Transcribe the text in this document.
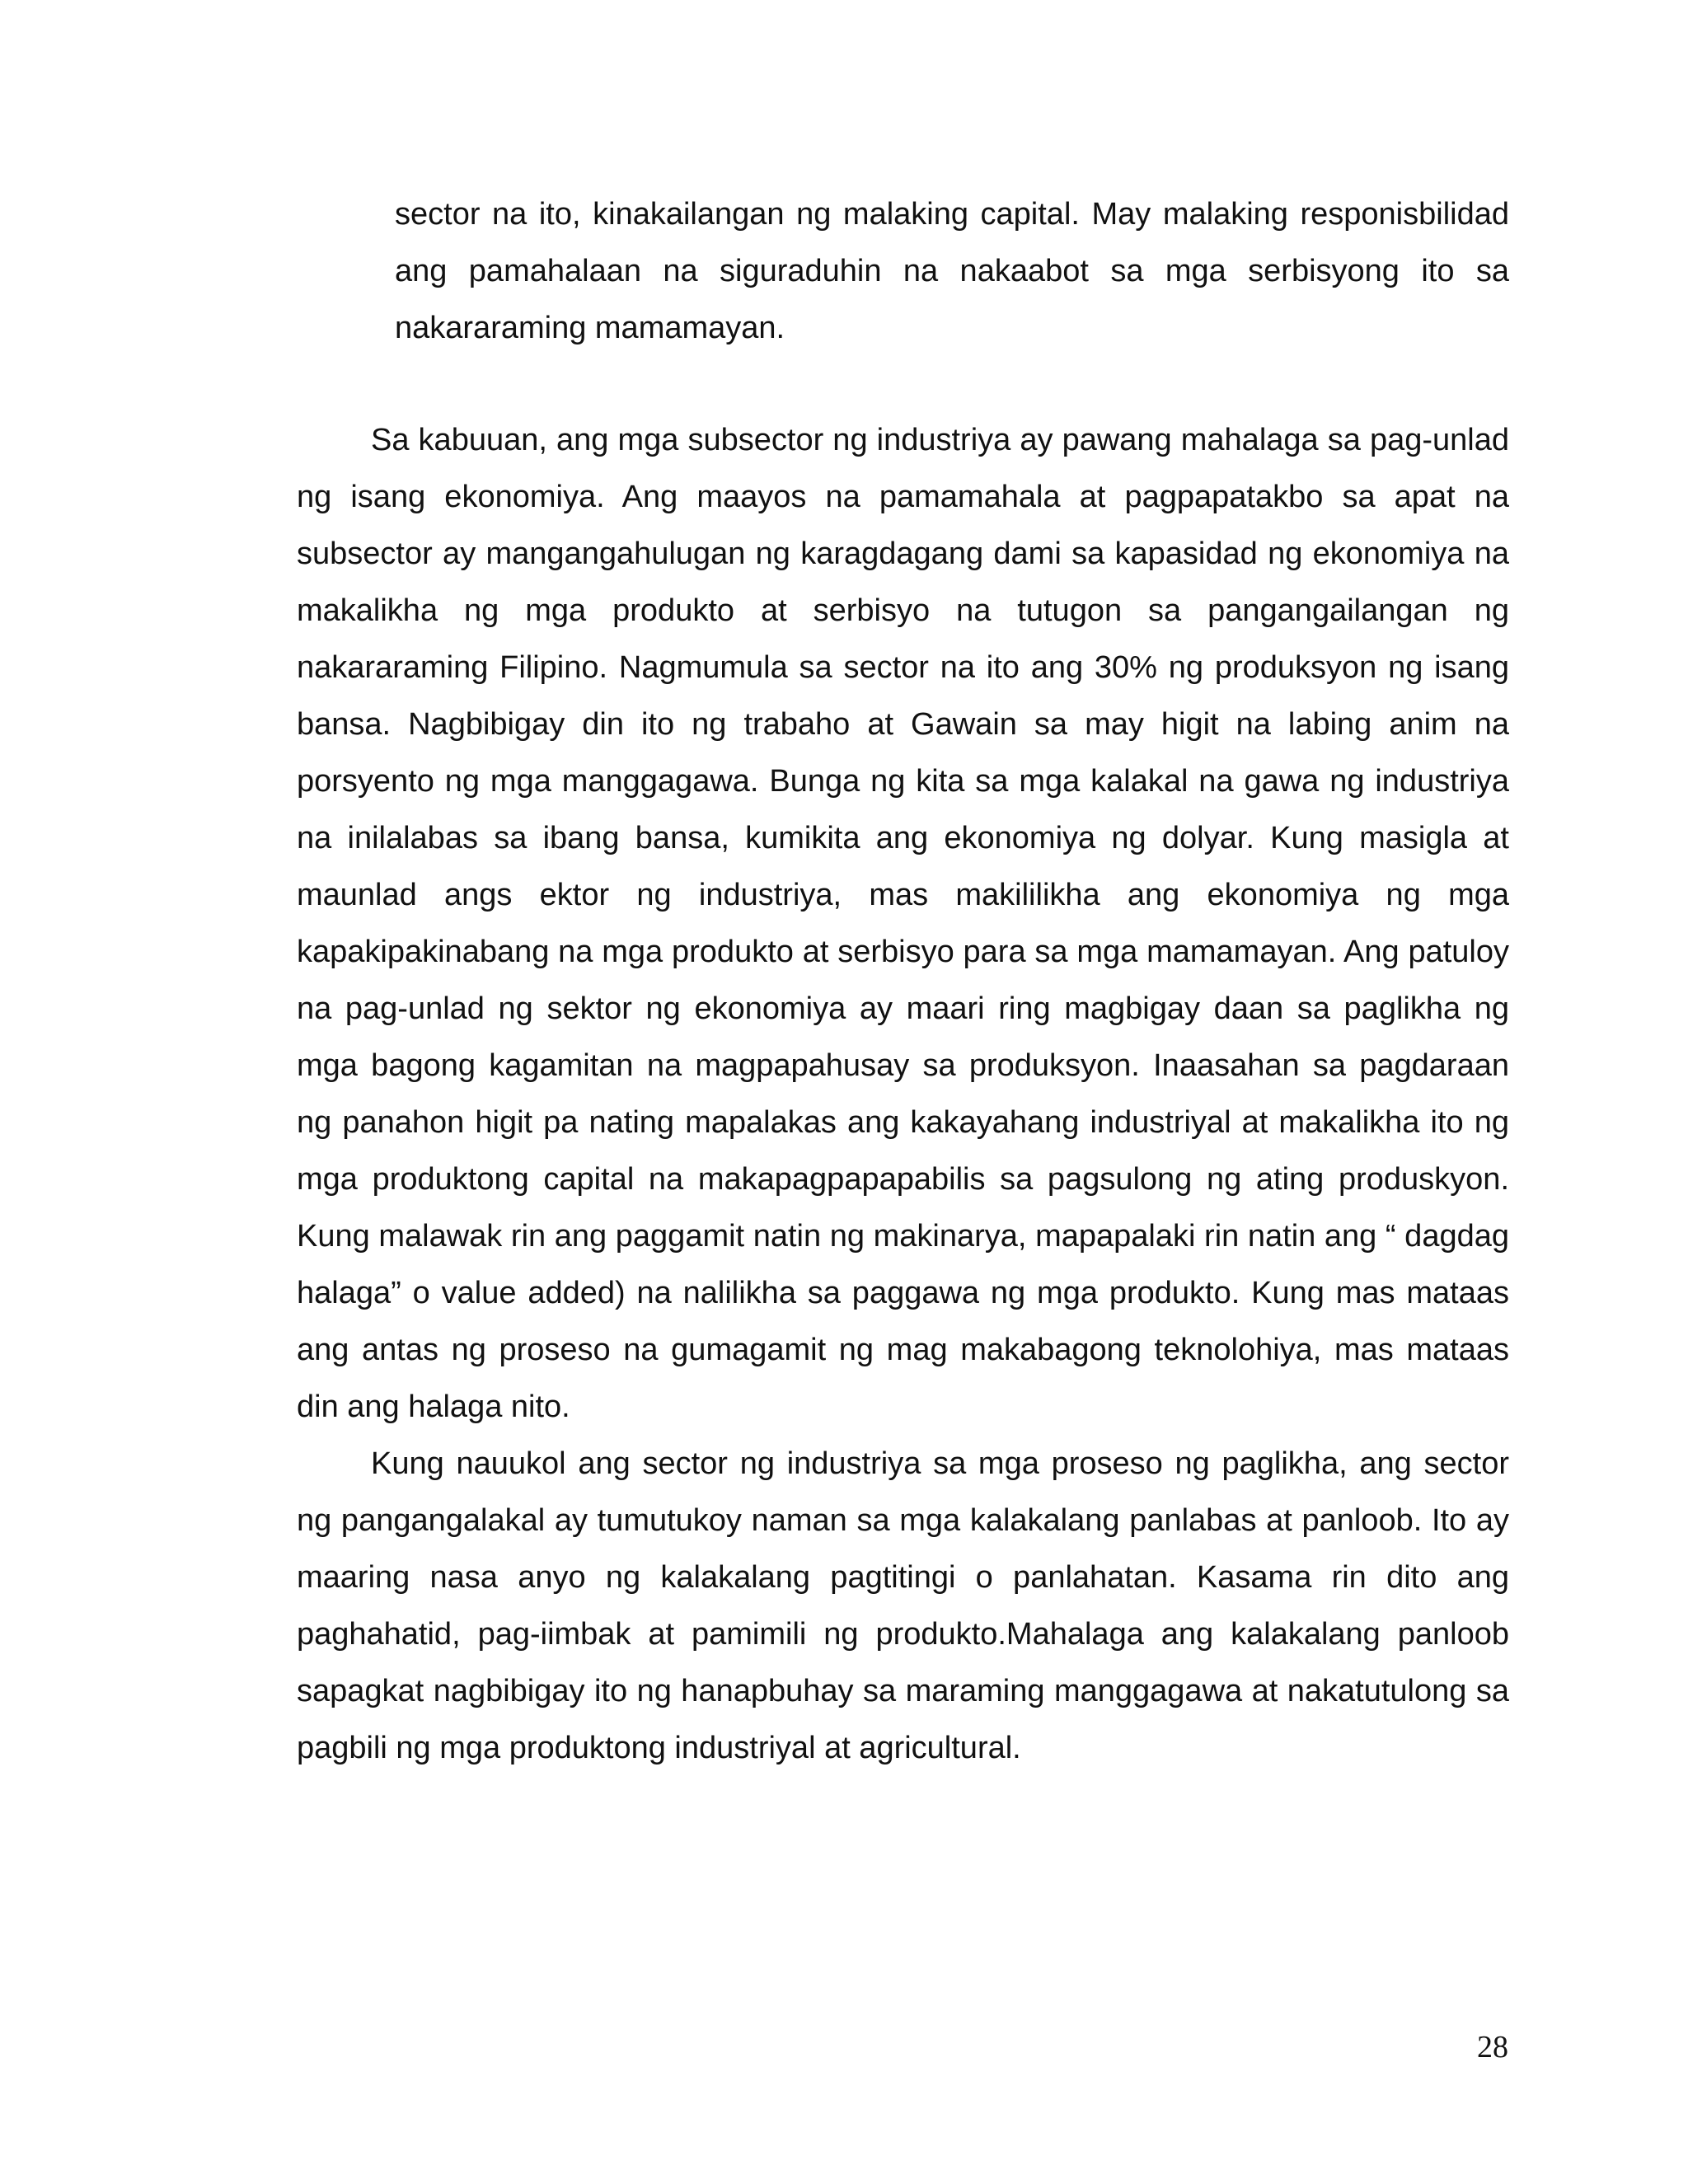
sector na ito, kinakailangan ng malaking capital. May malaking responisbilidad ang pamahalaan na siguraduhin na nakaabot sa mga serbisyong ito sa nakararaming mamamayan.

Sa kabuuan, ang mga subsector ng industriya ay pawang mahalaga sa pag-unlad ng isang ekonomiya. Ang maayos na pamamahala at pagpapatakbo sa apat na subsector ay mangangahulugan ng karagdagang dami sa kapasidad ng ekonomiya na makalikha ng mga produkto at serbisyo na tutugon sa pangangailangan ng nakararaming Filipino. Nagmumula sa sector na ito ang 30% ng produksyon ng isang bansa. Nagbibigay din ito ng trabaho at Gawain sa may higit na labing anim na porsyento ng mga manggagawa. Bunga ng kita sa mga kalakal na gawa ng industriya na inilalabas sa ibang bansa, kumikita ang ekonomiya ng dolyar. Kung masigla at maunlad angs ektor ng industriya, mas makililikha ang ekonomiya ng mga kapakipakinabang na mga produkto at serbisyo para sa mga mamamayan. Ang patuloy na pag-unlad ng sektor ng ekonomiya ay maari ring magbigay daan sa paglikha ng mga bagong kagamitan na magpapahusay sa produksyon. Inaasahan sa pagdaraan ng panahon higit pa nating mapalakas ang kakayahang industriyal at makalikha ito ng mga produktong capital na makapagpapapabilis sa pagsulong ng ating produskyon. Kung malawak rin ang paggamit natin ng makinarya, mapapalaki rin natin ang “ dagdag halaga” o value added) na nalilikha sa paggawa ng mga produkto. Kung mas mataas ang antas ng proseso na gumagamit ng mag makabagong teknolohiya, mas mataas din ang halaga nito.

Kung nauukol ang sector ng industriya sa mga proseso ng paglikha, ang sector ng pangangalakal ay tumutukoy naman sa mga kalakalang panlabas at panloob. Ito ay maaring nasa anyo ng kalakalang pagtitingi o panlahatan. Kasama rin dito ang paghahatid, pag-iimbak at pamimili ng produkto.Mahalaga ang kalakalang panloob sapagkat nagbibigay ito ng hanapbuhay sa maraming manggagawa at nakatutulong sa pagbili ng mga produktong industriyal at agricultural.

28
